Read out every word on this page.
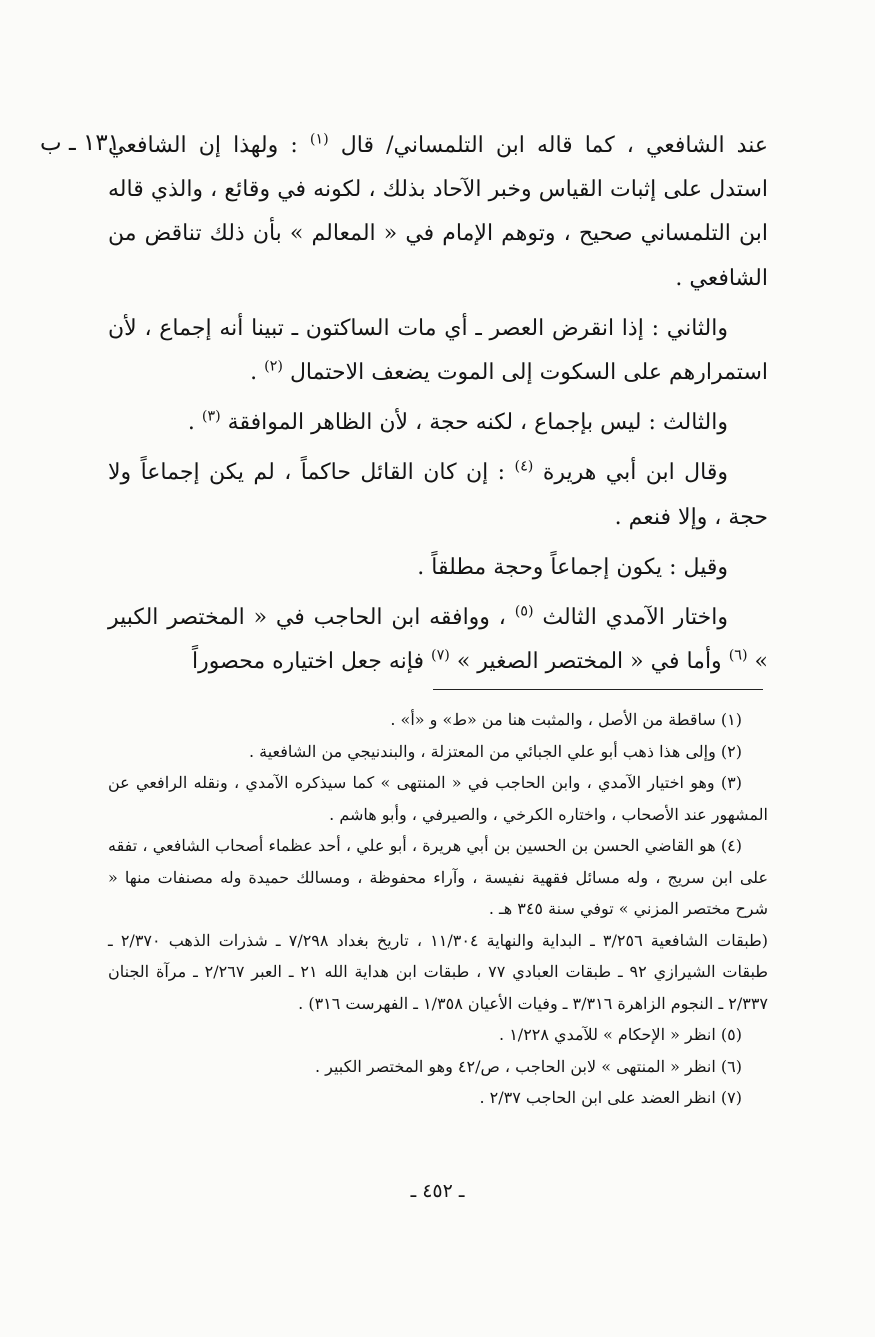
١٣١ ـ ب	عند الشافعي ، كما قاله ابن التلمساني/ قال $^{(١)}$ : ولهذا إن الشافعي استدل على إثبات القياس وخبر الآحاد بذلك ، لكونه في وقائع ، والذي قاله ابن التلمساني صحيح ، وتوهم الإمام في « المعالم » بأن ذلك تناقض من الشافعي .

والثاني : إذا انقرض العصر ـ أي مات الساكتون ـ تبينا أنه إجماع ، لأن استمرارهم على السكوت إلى الموت يضعف الاحتمال $^{(٢)}$ .

والثالث : ليس بإجماع ، لكنه حجة ، لأن الظاهر الموافقة $^{(٣)}$ .

وقال ابن أبي هريرة $^{(٤)}$ : إن كان القائل حاكماً ، لم يكن إجماعاً ولا حجة ، وإلا فنعم .

وقيل : يكون إجماعاً وحجة مطلقاً .

واختار الآمدي الثالث $^{(٥)}$ ، ووافقه ابن الحاجب في « المختصر الكبير » $^{(٦)}$ وأما في « المختصر الصغير » $^{(٧)}$ فإنه جعل اختياره محصوراً

(١) ساقطة من الأصل ، والمثبت هنا من «ط» و «أ» .

(٢) وإلى هذا ذهب أبو علي الجبائي من المعتزلة ، والبندنيجي من الشافعية .

(٣) وهو اختيار الآمدي ، وابن الحاجب في « المنتهى » كما سيذكره الآمدي ، ونقله الرافعي عن المشهور عند الأصحاب ، واختاره الكرخي ، والصيرفي ، وأبو هاشم .

(٤) هو القاضي الحسن بن الحسين بن أبي هريرة ، أبو علي ، أحد عظماء أصحاب الشافعي ، تفقه على ابن سريج ، وله مسائل فقهية نفيسة ، وآراء محفوظة ، ومسالك حميدة وله مصنفات منها « شرح مختصر المزني » توفي سنة ٣٤٥ هـ .

(طبقات الشافعية ٣/٢٥٦ ـ البداية والنهاية ١١/٣٠٤ ، تاريخ بغداد ٧/٢٩٨ ـ شذرات الذهب ٢/٣٧٠ ـ طبقات الشيرازي ٩٢ ـ طبقات العبادي ٧٧ ، طبقات ابن هداية الله ٢١ ـ العبر ٢/٢٦٧ ـ مرآة الجنان ٢/٣٣٧ ـ النجوم الزاهرة ٣/٣١٦ ـ وفيات الأعيان ١/٣٥٨ ـ الفهرست ٣١٦) .

(٥) انظر « الإحكام » للآمدي ١/٢٢٨ .

(٦) انظر « المنتهى » لابن الحاجب ، ص/٤٢ وهو المختصر الكبير .

(٧) انظر العضد على ابن الحاجب ٢/٣٧ .

ـ ٤٥٢ ـ
